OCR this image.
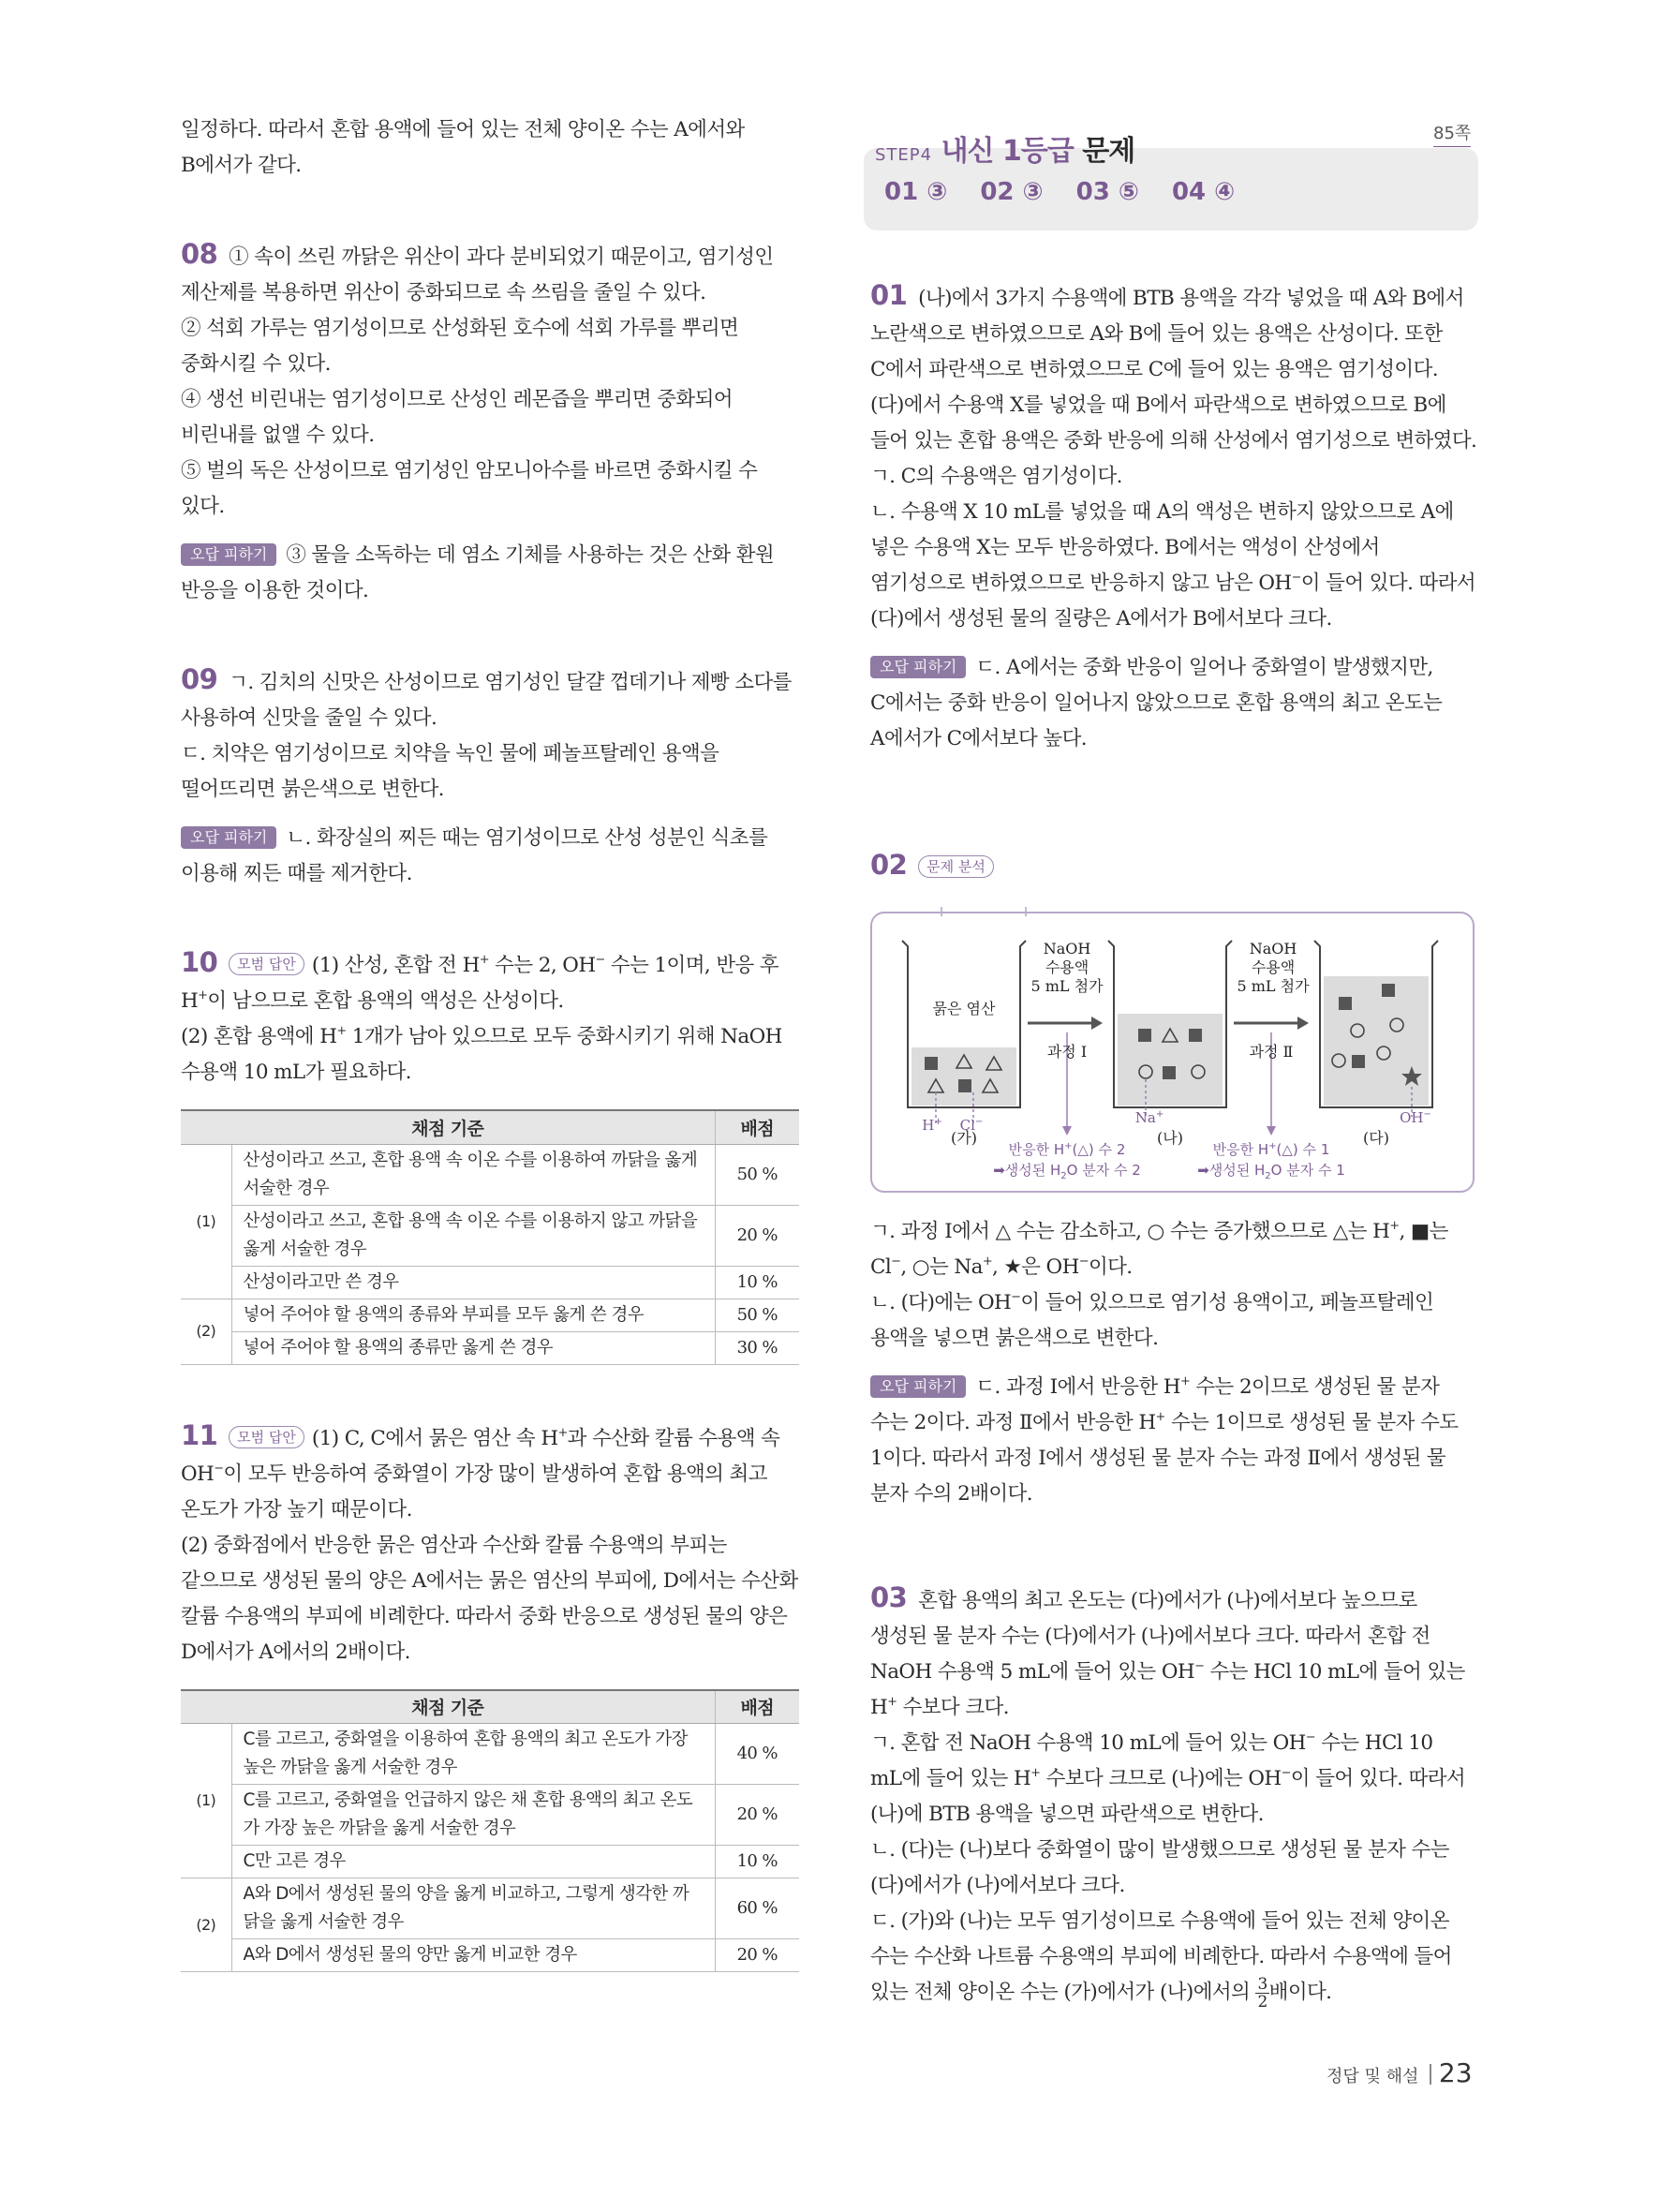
일정하다. 따라서 혼합 용액에 들어 있는 전체 양이온 수는 A에서와 B에서가 같다.

08 ① 속이 쓰린 까닭은 위산이 과다 분비되었기 때문이고, 염기성인 제산제를 복용하면 위산이 중화되므로 속 쓰림을 줄일 수 있다.

② 석회 가루는 염기성이므로 산성화된 호수에 석회 가루를 뿌리면 중화시킬 수 있다.

④ 생선 비린내는 염기성이므로 산성인 레몬즙을 뿌리면 중화되어 비린내를 없앨 수 있다.

⑤ 벌의 독은 산성이므로 염기성인 암모니아수를 바르면 중화시킬 수 있다.

오답 피하기 ③ 물을 소독하는 데 염소 기체를 사용하는 것은 산화 환원 반응을 이용한 것이다.

09 ㄱ. 김치의 신맛은 산성이므로 염기성인 달걀 껍데기나 제빵 소다를 사용하여 신맛을 줄일 수 있다.

ㄷ. 치약은 염기성이므로 치약을 녹인 물에 페놀프탈레인 용액을 떨어뜨리면 붉은색으로 변한다.

오답 피하기 ㄴ. 화장실의 찌든 때는 염기성이므로 산성 성분인 식초를 이용해 찌든 때를 제거한다.

10 모범 답안 (1) 산성, 혼합 전 H+ 수는 2, OH− 수는 1이며, 반응 후 H+이 남으므로 혼합 용액의 액성은 산성이다.

(2) 혼합 용액에 H+ 1개가 남아 있으므로 모두 중화시키기 위해 NaOH 수용액 10 mL가 필요하다.

채점 기준		배점
(1)	산성이라고 쓰고, 혼합 용액 속 이온 수를 이용하여 까닭을 옳게 서술한 경우	50 %
	산성이라고 쓰고, 혼합 용액 속 이온 수를 이용하지 않고 까닭을 옳게 서술한 경우	20 %
	산성이라고만 쓴 경우	10 %
(2)	넣어 주어야 할 용액의 종류와 부피를 모두 옳게 쓴 경우	50 %
	넣어 주어야 할 용액의 종류만 옳게 쓴 경우	30 %

11 모범 답안 (1) C, C에서 묽은 염산 속 H+과 수산화 칼륨 수용액 속 OH−이 모두 반응하여 중화열이 가장 많이 발생하여 혼합 용액의 최고 온도가 가장 높기 때문이다.

(2) 중화점에서 반응한 묽은 염산과 수산화 칼륨 수용액의 부피는 같으므로 생성된 물의 양은 A에서는 묽은 염산의 부피에, D에서는 수산화 칼륨 수용액의 부피에 비례한다. 따라서 중화 반응으로 생성된 물의 양은 D에서가 A에서의 2배이다.

채점 기준		배점
(1)	C를 고르고, 중화열을 이용하여 혼합 용액의 최고 온도가 가장 높은 까닭을 옳게 서술한 경우	40 %
	C를 고르고, 중화열을 언급하지 않은 채 혼합 용액의 최고 온도가 가장 높은 까닭을 옳게 서술한 경우	20 %
	C만 고른 경우	10 %
(2)	A와 D에서 생성된 물의 양을 옳게 비교하고, 그렇게 생각한 까닭을 옳게 서술한 경우	60 %
	A와 D에서 생성된 물의 양만 옳게 비교한 경우	20 %
STEP4 내신 1등급 문제
01 ③ 02 ③ 03 ⑤ 04 ④
85쪽

01 (나)에서 3가지 수용액에 BTB 용액을 각각 넣었을 때 A와 B에서 노란색으로 변하였으므로 A와 B에 들어 있는 용액은 산성이다. 또한 C에서 파란색으로 변하였으므로 C에 들어 있는 용액은 염기성이다.

(다)에서 수용액 X를 넣었을 때 B에서 파란색으로 변하였으므로 B에 들어 있는 혼합 용액은 중화 반응에 의해 산성에서 염기성으로 변하였다.

ㄱ. C의 수용액은 염기성이다.

ㄴ. 수용액 X 10 mL를 넣었을 때 A의 액성은 변하지 않았으므로 A에 넣은 수용액 X는 모두 반응하였다. B에서는 액성이 산성에서 염기성으로 변하였으므로 반응하지 않고 남은 OH−이 들어 있다. 따라서 (다)에서 생성된 물의 질량은 A에서가 B에서보다 크다.

오답 피하기 ㄷ. A에서는 중화 반응이 일어나 중화열이 발생했지만, C에서는 중화 반응이 일어나지 않았으므로 혼합 용액의 최고 온도는 A에서가 C에서보다 높다.

02 문제 분석

NaOH
수용액
5 mL 첨가
NaOH
수용액
5 mL 첨가
묽은 염산
과정 Ⅰ	과정 Ⅱ
(가)	(나)	(다)
H+ Cl−	Na+	OH−
반응한 H+(△) 수 2
➡생성된 $H_2O$ 분자 수 2
반응한 H+(△) 수 1
➡생성된 $H_2O$ 분자 수 1

ㄱ. 과정 Ⅰ에서 △ 수는 감소하고, ○ 수는 증가했으므로 △는 H+, ■는 Cl−, ○는 Na+, ★은 OH−이다.

ㄴ. (다)에는 OH−이 들어 있으므로 염기성 용액이고, 페놀프탈레인 용액을 넣으면 붉은색으로 변한다.

오답 피하기 ㄷ. 과정 Ⅰ에서 반응한 H+ 수는 2이므로 생성된 물 분자 수는 2이다. 과정 Ⅱ에서 반응한 H+ 수는 1이므로 생성된 물 분자 수도 1이다. 따라서 과정 Ⅰ에서 생성된 물 분자 수는 과정 Ⅱ에서 생성된 물 분자 수의 2배이다.

03 혼합 용액의 최고 온도는 (다)에서가 (나)에서보다 높으므로 생성된 물 분자 수는 (다)에서가 (나)에서보다 크다. 따라서 혼합 전 NaOH 수용액 5 mL에 들어 있는 OH− 수는 HCl 10 mL에 들어 있는 H+ 수보다 크다.

ㄱ. 혼합 전 NaOH 수용액 10 mL에 들어 있는 OH− 수는 HCl 10 mL에 들어 있는 H+ 수보다 크므로 (나)에는 OH−이 들어 있다. 따라서 (나)에 BTB 용액을 넣으면 파란색으로 변한다.

ㄴ. (다)는 (나)보다 중화열이 많이 발생했으므로 생성된 물 분자 수는 (다)에서가 (나)에서보다 크다.

ㄷ. (가)와 (나)는 모두 염기성이므로 수용액에 들어 있는 전체 양이온 수는 수산화 나트륨 수용액의 부피에 비례한다. 따라서 수용액에 들어 있는 전체 양이온 수는 (가)에서가 (나)에서의 $\frac{3}{2}$ 배이다.

정답 및 해설 23
